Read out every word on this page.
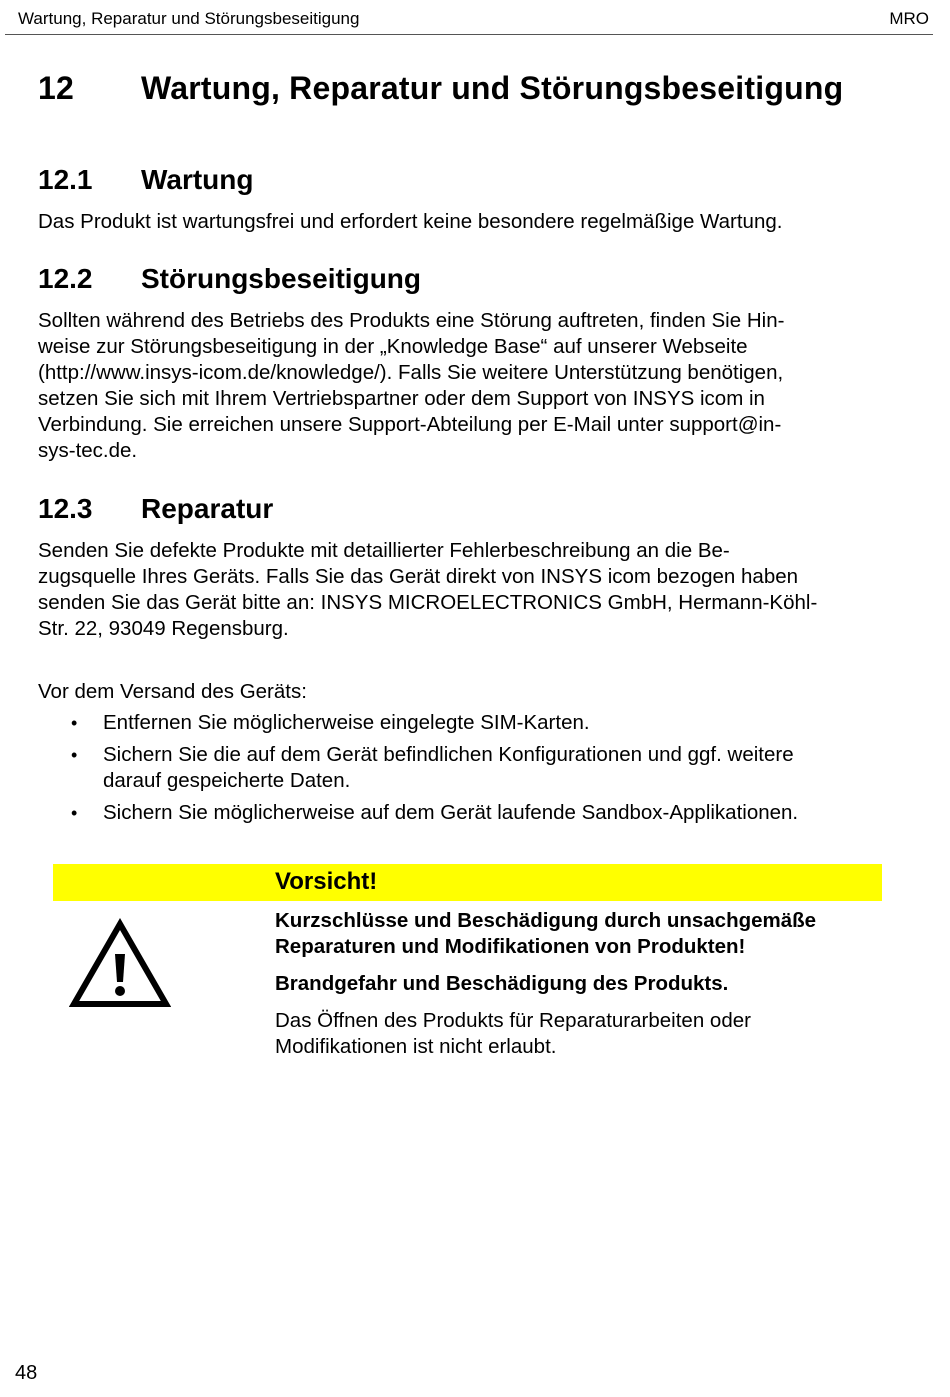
Wartung, Reparatur und Störungsbeseitigung	MRO
12 Wartung, Reparatur und Störungsbeseitigung
12.1 Wartung
Das Produkt ist wartungsfrei und erfordert keine besondere regelmäßige Wartung.
12.2 Störungsbeseitigung
Sollten während des Betriebs des Produkts eine Störung auftreten, finden Sie Hin-
weise zur Störungsbeseitigung in der „Knowledge Base“ auf unserer Webseite
(http://www.insys-icom.de/knowledge/). Falls Sie weitere Unterstützung benötigen,
setzen Sie sich mit Ihrem Vertriebspartner oder dem Support von INSYS icom in
Verbindung. Sie erreichen unsere Support-Abteilung per E-Mail unter support@in-
sys-tec.de.
12.3 Reparatur
Senden Sie defekte Produkte mit detaillierter Fehlerbeschreibung an die Be-
zugsquelle Ihres Geräts. Falls Sie das Gerät direkt von INSYS icom bezogen haben
senden Sie das Gerät bitte an: INSYS MICROELECTRONICS GmbH, Hermann-Köhl-
Str. 22, 93049 Regensburg.
Vor dem Versand des Geräts:
• Entfernen Sie möglicherweise eingelegte SIM-Karten.
• Sichern Sie die auf dem Gerät befindlichen Konfigurationen und ggf. weitere
darauf gespeicherte Daten.
• Sichern Sie möglicherweise auf dem Gerät laufende Sandbox-Applikationen.
Vorsicht!
Kurzschlüsse und Beschädigung durch unsachgemäße
Reparaturen und Modifikationen von Produkten!
Brandgefahr und Beschädigung des Produkts.
Das Öffnen des Produkts für Reparaturarbeiten oder
Modifikationen ist nicht erlaubt.
48
